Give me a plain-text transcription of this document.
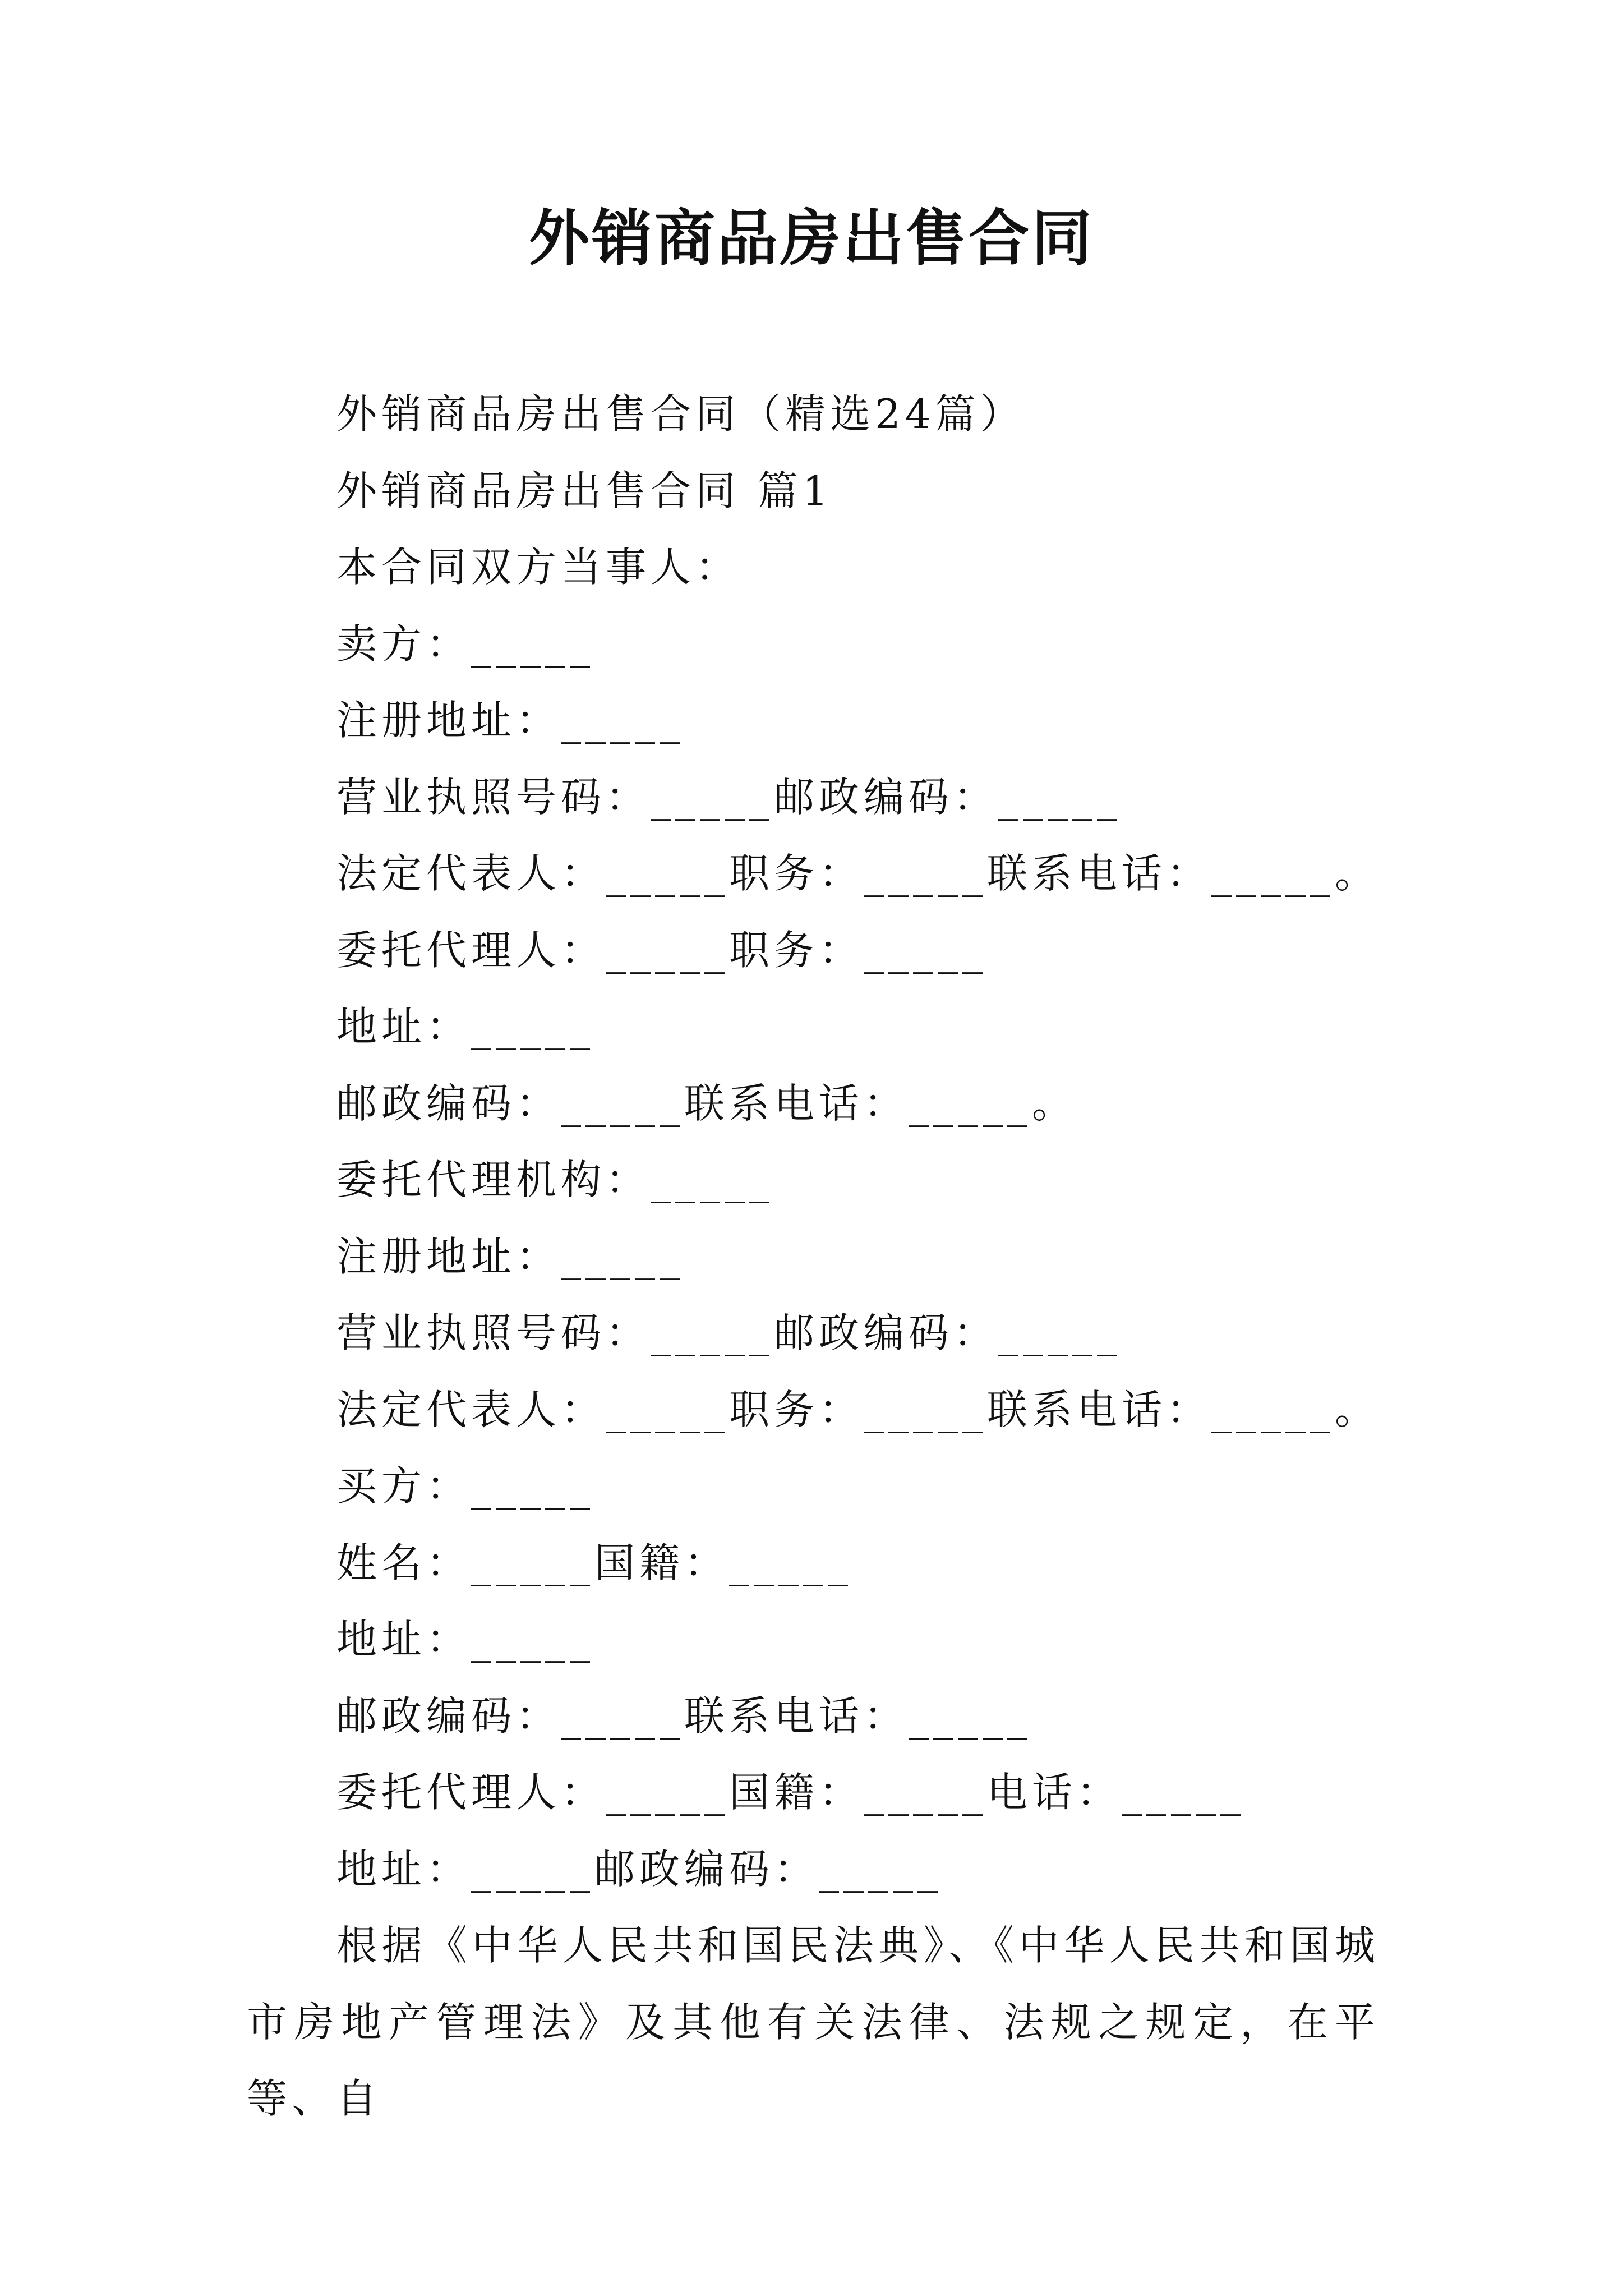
外销商品房出售合同
外销商品房出售合同（精选24篇）
外销商品房出售合同 篇1
本合同双方当事人：
卖方：_____
注册地址：_____
营业执照号码：_____邮政编码：_____
法定代表人：_____职务：_____联系电话：_____。
委托代理人：_____职务：_____
地址：_____
邮政编码：_____联系电话：_____。
委托代理机构：_____
注册地址：_____
营业执照号码：_____邮政编码：_____
法定代表人：_____职务：_____联系电话：_____。
买方：_____
姓名：_____国籍：_____
地址：_____
邮政编码：_____联系电话：_____
委托代理人：_____国籍：_____电话：_____
地址：_____邮政编码：_____
根据《中华人民共和国民法典》、《中华人民共和国城市房地产管理法》及其他有关法律、法规之规定，在平等、自
